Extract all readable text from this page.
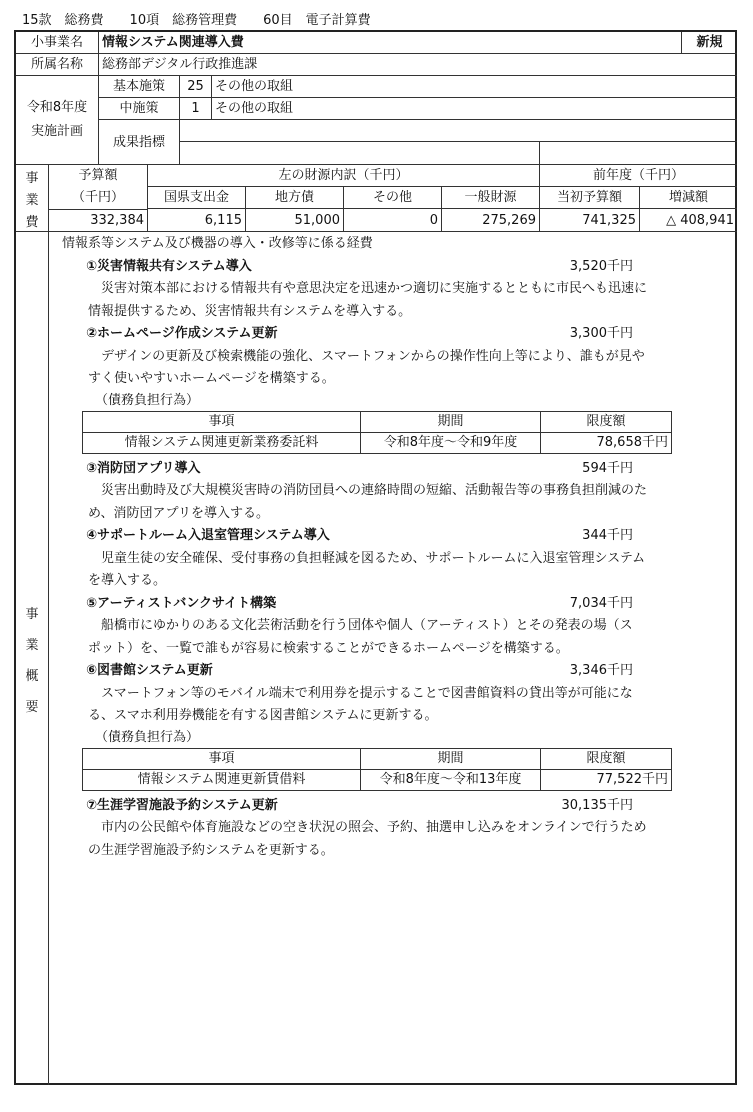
15款　総務費 10項　総務管理費 60目　電子計算費
小事業名	情報システム関連導入費	新規
所属名称	総務部デジタル行政推進課
令和8年度
実施計画
基本施策	25 その他の取組
中施策	1	その他の取組
成果指標
事
業
費
予算額
（千円）
左の財源内訳（千円）	前年度（千円）
国県支出金	地方債	その他	一般財源	当初予算額	増減額
332,384	6,115	51,000	0	275,269	741,325	△ 408,941
事
業
概
要
情報系等システム及び機器の導入・改修等に係る経費
①災害情報共有システム導入	3,520千円
災害対策本部における情報共有や意思決定を迅速かつ適切に実施するとともに市民へも迅速に
情報提供するため、災害情報共有システムを導入する。
②ホームページ作成システム更新	3,300千円
デザインの更新及び検索機能の強化、スマートフォンからの操作性向上等により、誰もが見や
すく使いやすいホームページを構築する。
（債務負担行為）
事項	期間	限度額
情報システム関連更新業務委託料	令和8年度～令和9年度	78,658千円
③消防団アプリ導入	594千円
災害出動時及び大規模災害時の消防団員への連絡時間の短縮、活動報告等の事務負担削減のた
め、消防団アプリを導入する。
④サポートルーム入退室管理システム導入	344千円
児童生徒の安全確保、受付事務の負担軽減を図るため、サポートルームに入退室管理システム
を導入する。
⑤アーティストバンクサイト構築	7,034千円
船橋市にゆかりのある文化芸術活動を行う団体や個人（アーティスト）とその発表の場（ス
ポット）を、一覧で誰もが容易に検索することができるホームページを構築する。
⑥図書館システム更新	3,346千円
スマートフォン等のモバイル端末で利用券を提示することで図書館資料の貸出等が可能にな
る、スマホ利用券機能を有する図書館システムに更新する。
（債務負担行為）
事項	期間	限度額
情報システム関連更新賃借料	令和8年度～令和13年度	77,522千円
⑦生涯学習施設予約システム更新	30,135千円
市内の公民館や体育施設などの空き状況の照会、予約、抽選申し込みをオンラインで行うため
の生涯学習施設予約システムを更新する。
